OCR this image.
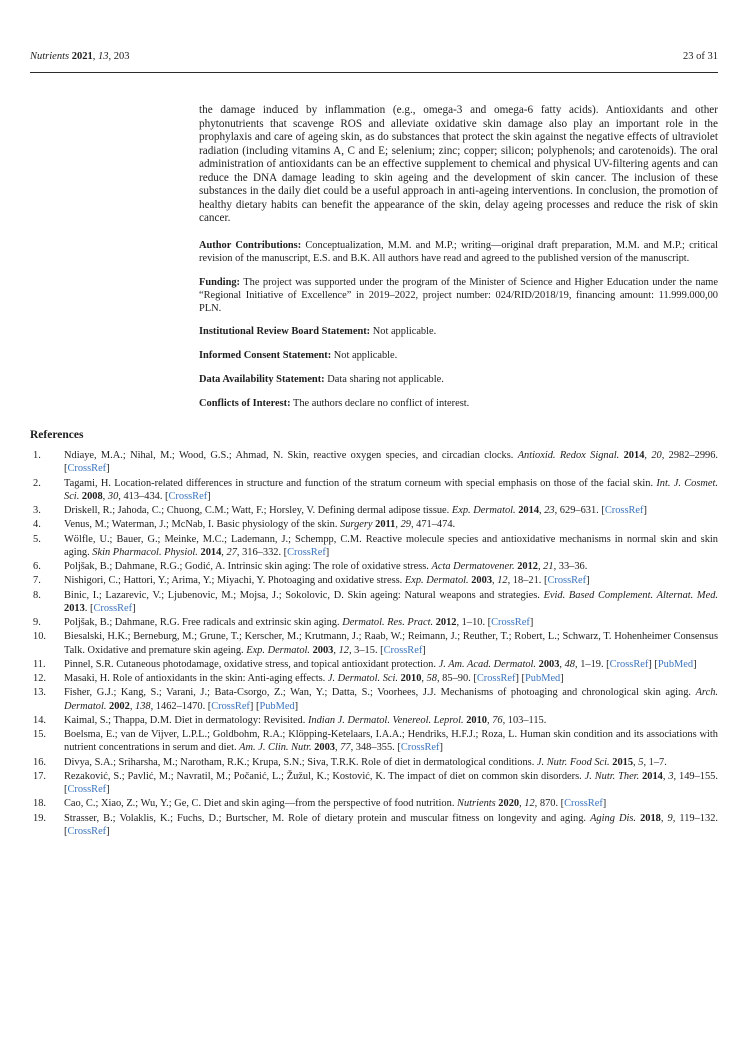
Nutrients 2021, 13, 203	23 of 31

the damage induced by inflammation (e.g., omega-3 and omega-6 fatty acids). Antioxidants and other phytonutrients that scavenge ROS and alleviate oxidative skin damage also play an important role in the prophylaxis and care of ageing skin, as do substances that protect the skin against the negative effects of ultraviolet radiation (including vitamins A, C and E; selenium; zinc; copper; silicon; polyphenols; and carotenoids). The oral administration of antioxidants can be an effective supplement to chemical and physical UV-filtering agents and can reduce the DNA damage leading to skin ageing and the development of skin cancer. The inclusion of these substances in the daily diet could be a useful approach in anti-ageing interventions. In conclusion, the promotion of healthy dietary habits can benefit the appearance of the skin, delay ageing processes and reduce the risk of skin cancer.

Author Contributions: Conceptualization, M.M. and M.P.; writing—original draft preparation, M.M. and M.P.; critical revision of the manuscript, E.S. and B.K. All authors have read and agreed to the published version of the manuscript.

Funding: The project was supported under the program of the Minister of Science and Higher Education under the name “Regional Initiative of Excellence” in 2019–2022, project number: 024/RID/2018/19, financing amount: 11.999.000,00 PLN.

Institutional Review Board Statement: Not applicable.

Informed Consent Statement: Not applicable.

Data Availability Statement: Data sharing not applicable.

Conflicts of Interest: The authors declare no conflict of interest.

References
1.	Ndiaye, M.A.; Nihal, M.; Wood, G.S.; Ahmad, N. Skin, reactive oxygen species, and circadian clocks. Antioxid. Redox Signal. 2014, 20, 2982–2996. [CrossRef]
2.	Tagami, H. Location-related differences in structure and function of the stratum corneum with special emphasis on those of the facial skin. Int. J. Cosmet. Sci. 2008, 30, 413–434. [CrossRef]
3.	Driskell, R.; Jahoda, C.; Chuong, C.M.; Watt, F.; Horsley, V. Defining dermal adipose tissue. Exp. Dermatol. 2014, 23, 629–631. [CrossRef]
4.	Venus, M.; Waterman, J.; McNab, I. Basic physiology of the skin. Surgery 2011, 29, 471–474.
5.	Wölfle, U.; Bauer, G.; Meinke, M.C.; Lademann, J.; Schempp, C.M. Reactive molecule species and antioxidative mechanisms in normal skin and skin aging. Skin Pharmacol. Physiol. 2014, 27, 316–332. [CrossRef]
6.	Poljšak, B.; Dahmane, R.G.; Godić, A. Intrinsic skin aging: The role of oxidative stress. Acta Dermatovener. 2012, 21, 33–36.
7.	Nishigori, C.; Hattori, Y.; Arima, Y.; Miyachi, Y. Photoaging and oxidative stress. Exp. Dermatol. 2003, 12, 18–21. [CrossRef]
8.	Binic, I.; Lazarevic, V.; Ljubenovic, M.; Mojsa, J.; Sokolovic, D. Skin ageing: Natural weapons and strategies. Evid. Based Complement. Alternat. Med. 2013. [CrossRef]
9.	Poljšak, B.; Dahmane, R.G. Free radicals and extrinsic skin aging. Dermatol. Res. Pract. 2012, 1–10. [CrossRef]
10.	Biesalski, H.K.; Berneburg, M.; Grune, T.; Kerscher, M.; Krutmann, J.; Raab, W.; Reimann, J.; Reuther, T.; Robert, L.; Schwarz, T. Hohenheimer Consensus Talk. Oxidative and premature skin ageing. Exp. Dermatol. 2003, 12, 3–15. [CrossRef]
11.	Pinnel, S.R. Cutaneous photodamage, oxidative stress, and topical antioxidant protection. J. Am. Acad. Dermatol. 2003, 48, 1–19. [CrossRef] [PubMed]
12.	Masaki, H. Role of antioxidants in the skin: Anti-aging effects. J. Dermatol. Sci. 2010, 58, 85–90. [CrossRef] [PubMed]
13.	Fisher, G.J.; Kang, S.; Varani, J.; Bata-Csorgo, Z.; Wan, Y.; Datta, S.; Voorhees, J.J. Mechanisms of photoaging and chronological skin aging. Arch. Dermatol. 2002, 138, 1462–1470. [CrossRef] [PubMed]
14.	Kaimal, S.; Thappa, D.M. Diet in dermatology: Revisited. Indian J. Dermatol. Venereol. Leprol. 2010, 76, 103–115.
15.	Boelsma, E.; van de Vijver, L.P.L.; Goldbohm, R.A.; Klöpping-Ketelaars, I.A.A.; Hendriks, H.F.J.; Roza, L. Human skin condition and its associations with nutrient concentrations in serum and diet. Am. J. Clin. Nutr. 2003, 77, 348–355. [CrossRef]
16.	Divya, S.A.; Sriharsha, M.; Narotham, R.K.; Krupa, S.N.; Siva, T.R.K. Role of diet in dermatological conditions. J. Nutr. Food Sci. 2015, 5, 1–7.
17.	Rezaković, S.; Pavlić, M.; Navratil, M.; Počanić, L.; Žužul, K.; Kostović, K. The impact of diet on common skin disorders. J. Nutr. Ther. 2014, 3, 149–155. [CrossRef]
18.	Cao, C.; Xiao, Z.; Wu, Y.; Ge, C. Diet and skin aging—from the perspective of food nutrition. Nutrients 2020, 12, 870. [CrossRef]
19.	Strasser, B.; Volaklis, K.; Fuchs, D.; Burtscher, M. Role of dietary protein and muscular fitness on longevity and aging. Aging Dis. 2018, 9, 119–132. [CrossRef]
